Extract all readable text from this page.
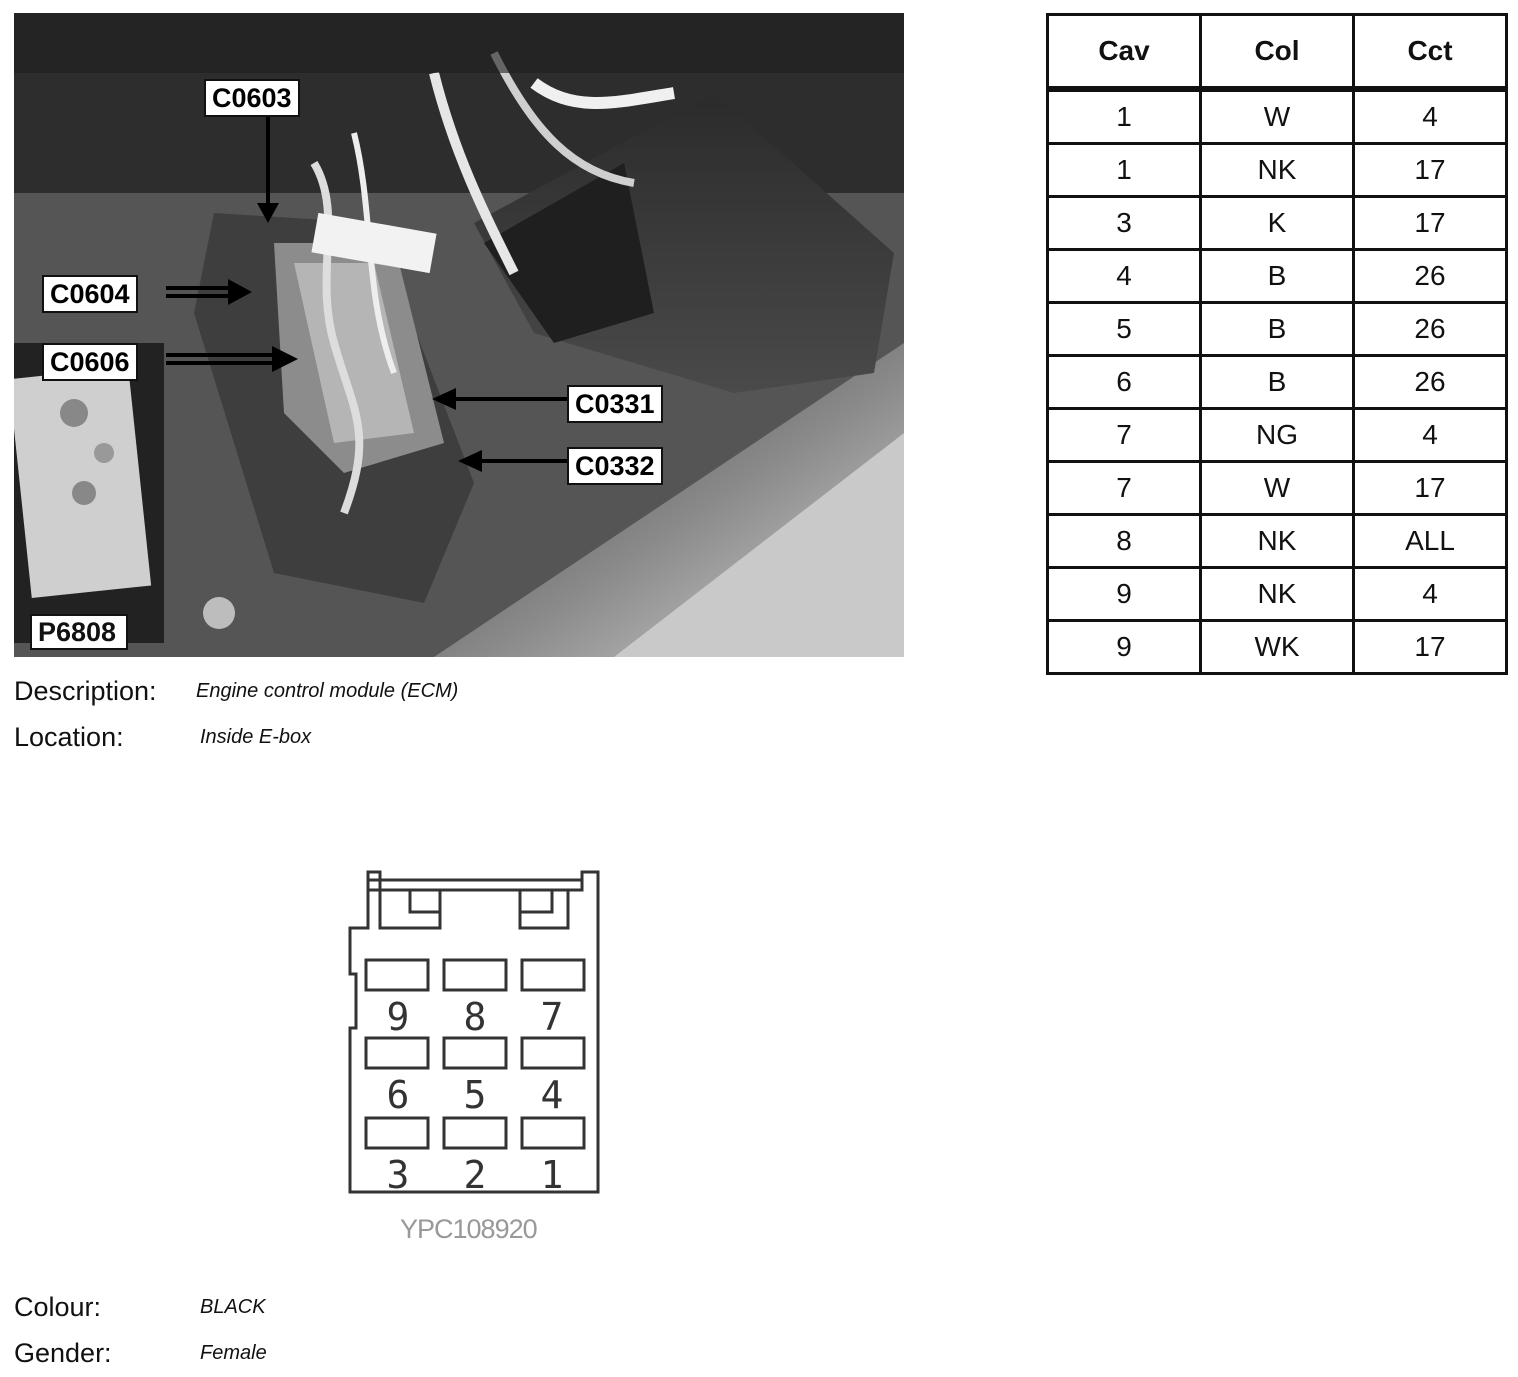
C0603
C0604
C0606
C0331
C0332
P6808
Cav	Col	Cct
1	W	4
1	NK	17
3	K	17
4	B	26
5	B	26
6	B	26
7	NG	4
7	W	17
8	NK	ALL
9	NK	4
9	WK	17
Description: Engine control module (ECM)
Location:	Inside E-box
9 8 7
6 5 4
3 2 1
YPC108920
Colour:	BLACK
Gender:	Female
